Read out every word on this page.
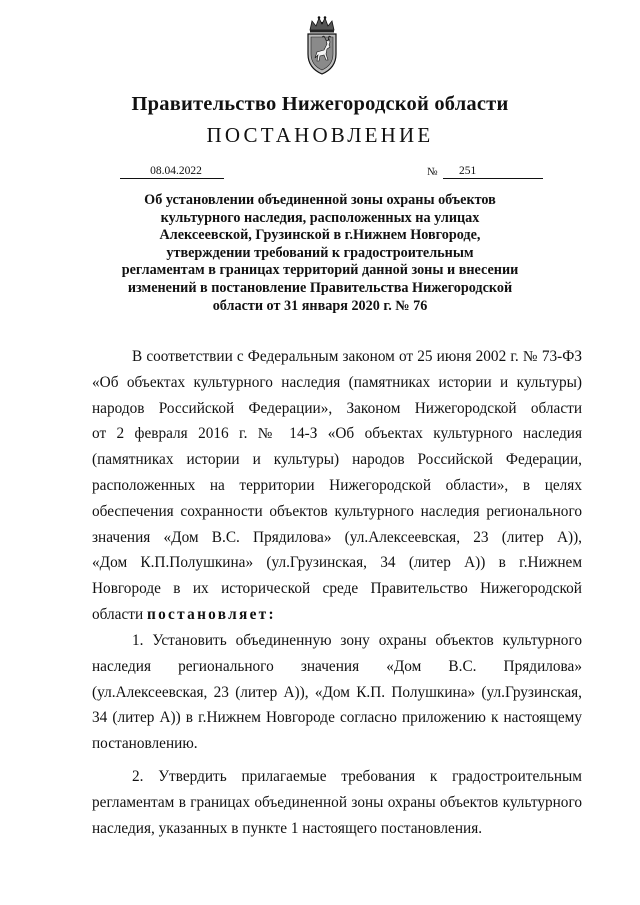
Правительство Нижегородской области
ПОСТАНОВЛЕНИЕ
08.04.2022	№	251
Об установлении объединенной зоны охраны объектов
культурного наследия, расположенных на улицах
Алексеевской, Грузинской в г.Нижнем Новгороде,
утверждении требований к градостроительным
регламентам в границах территорий данной зоны и внесении
изменений в постановление Правительства Нижегородской
области от 31 января 2020 г. № 76
В соответствии с Федеральным законом от 25 июня 2002 г. № 73-ФЗ
«Об объектах культурного наследия (памятниках истории и культуры)
народов Российской Федерации», Законом Нижегородской области
от 2 февраля 2016 г. № 14-З «Об объектах культурного наследия
(памятниках истории и культуры) народов Российской Федерации,
расположенных на территории Нижегородской области», в целях
обеспечения сохранности объектов культурного наследия регионального
значения «Дом В.С. Прядилова» (ул.Алексеевская, 23 (литер А)),
«Дом К.П.Полушкина» (ул.Грузинская, 34 (литер А)) в г.Нижнем
Новгороде в их исторической среде Правительство Нижегородской
области постановляет:
1. Установить объединенную зону охраны объектов культурного
наследия регионального значения «Дом В.С. Прядилова»
(ул.Алексеевская, 23 (литер А)), «Дом К.П. Полушкина» (ул.Грузинская,
34 (литер А)) в г.Нижнем Новгороде согласно приложению к настоящему
постановлению.
2. Утвердить прилагаемые требования к градостроительным
регламентам в границах объединенной зоны охраны объектов культурного
наследия, указанных в пункте 1 настоящего постановления.
